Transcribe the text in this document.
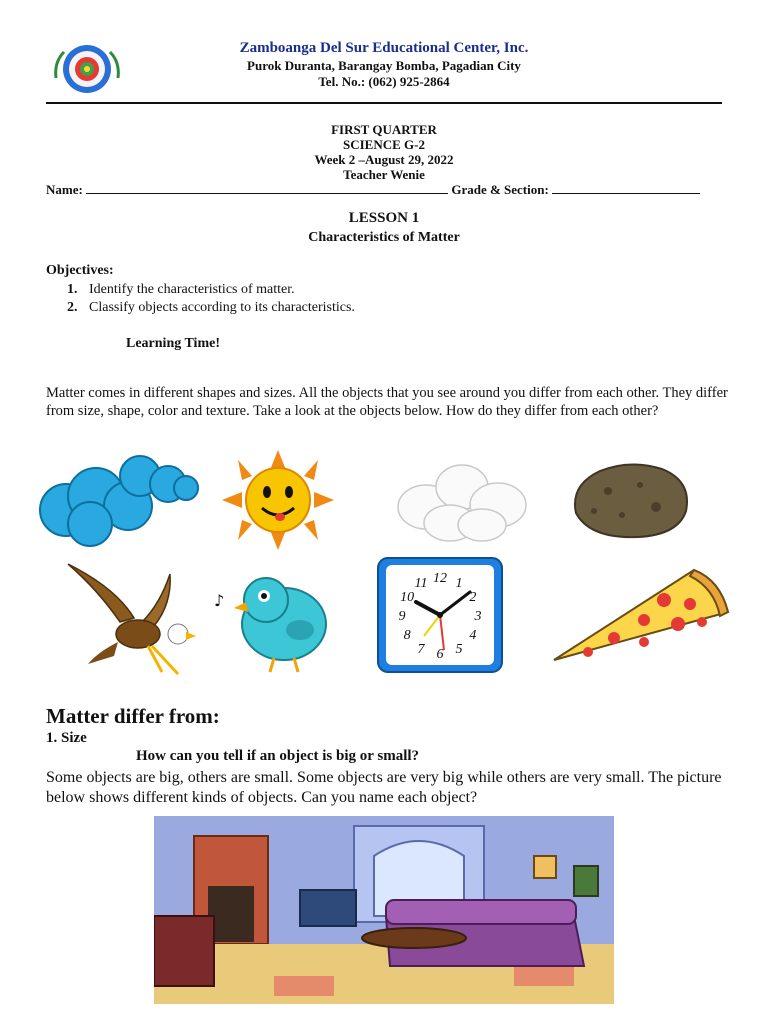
Zamboanga Del Sur Educational Center, Inc.
Purok Duranta, Barangay Bomba, Pagadian City
Tel. No.: (062) 925-2864
FIRST QUARTER
SCIENCE G-2
Week 2 –August 29, 2022
Teacher Wenie
Name:	Grade & Section:
LESSON 1
Characteristics of Matter
Objectives:
1. Identify the characteristics of matter.
2. Classify objects according to its characteristics.
Learning Time!
Matter comes in different shapes and sizes. All the objects that you see around you differ from each other. They differ from size, shape, color and texture. Take a look at the objects below. How do they differ from each other?
♪
12 1
2
3
4
5
6
7
8
9
10
11
Matter differ from:
1. Size
How can you tell if an object is big or small?
Some objects are big, others are small. Some objects are very big while others are very small. The picture below shows different kinds of objects. Can you name each object?
